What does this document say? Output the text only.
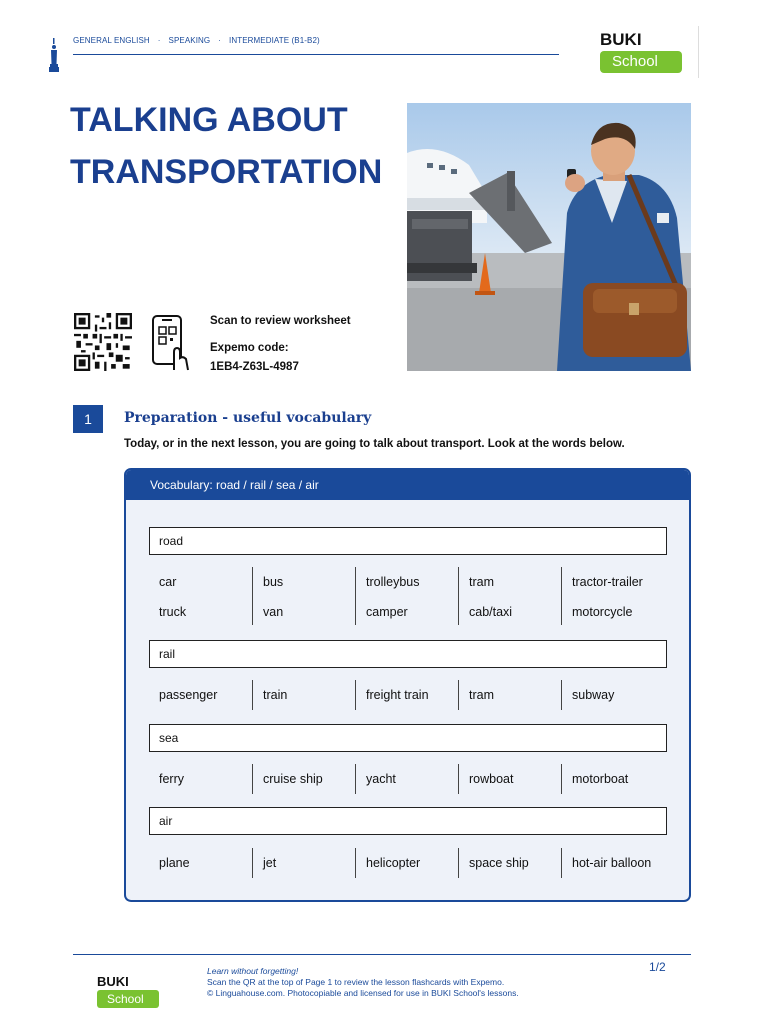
GENERAL ENGLISH · SPEAKING · INTERMEDIATE (B1-B2)	BUKI
School
TALKING ABOUT
TRANSPORTATION
Scan to review worksheet
Expemo code:
1EB4-Z63L-4987
1	Preparation - useful vocabulary
Today, or in the next lesson, you are going to talk about transport. Look at the words below.
Vocabulary: road / rail / sea / air
road
car	bus	trolleybus	tram	tractor-trailer
truck	van	camper	cab/taxi	motorcycle
rail
passenger	train	freight train	tram	subway
sea
ferry	cruise ship	yacht	rowboat	motorboat
air
plane	jet	helicopter	space ship	hot-air balloon
BUKI
School
Learn without forgetting!
Scan the QR at the top of Page 1 to review the lesson flashcards with Expemo.
© Linguahouse.com. Photocopiable and licensed for use in BUKI School's lessons.
1/2
